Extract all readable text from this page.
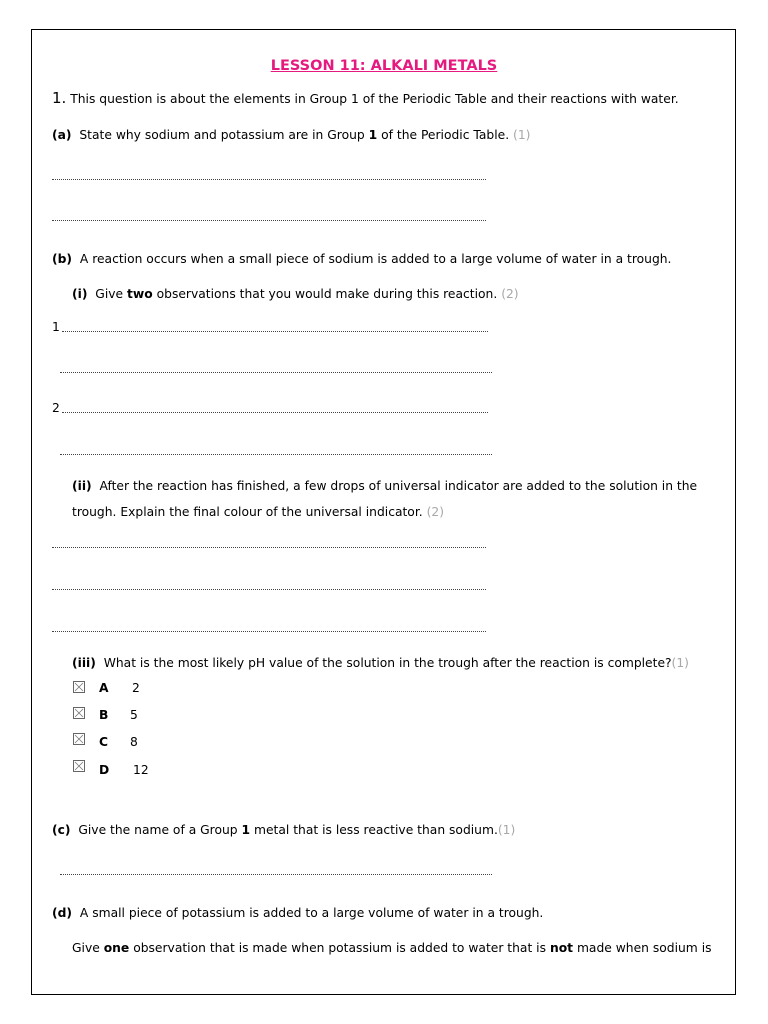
LESSON 11: ALKALI METALS
1. This question is about the elements in Group 1 of the Periodic Table and their reactions with water.
(a) State why sodium and potassium are in Group 1 of the Periodic Table. (1)
(b) A reaction occurs when a small piece of sodium is added to a large volume of water in a trough.
(i) Give two observations that you would make during this reaction. (2)
1
2
(ii) After the reaction has finished, a few drops of universal indicator are added to the solution in the
trough. Explain the final colour of the universal indicator. (2)
(iii) What is the most likely pH value of the solution in the trough after the reaction is complete?(1)
A 2
B 5
C 8
D 12
(c) Give the name of a Group 1 metal that is less reactive than sodium.(1)
(d) A small piece of potassium is added to a large volume of water in a trough.
Give one observation that is made when potassium is added to water that is not made when sodium is
